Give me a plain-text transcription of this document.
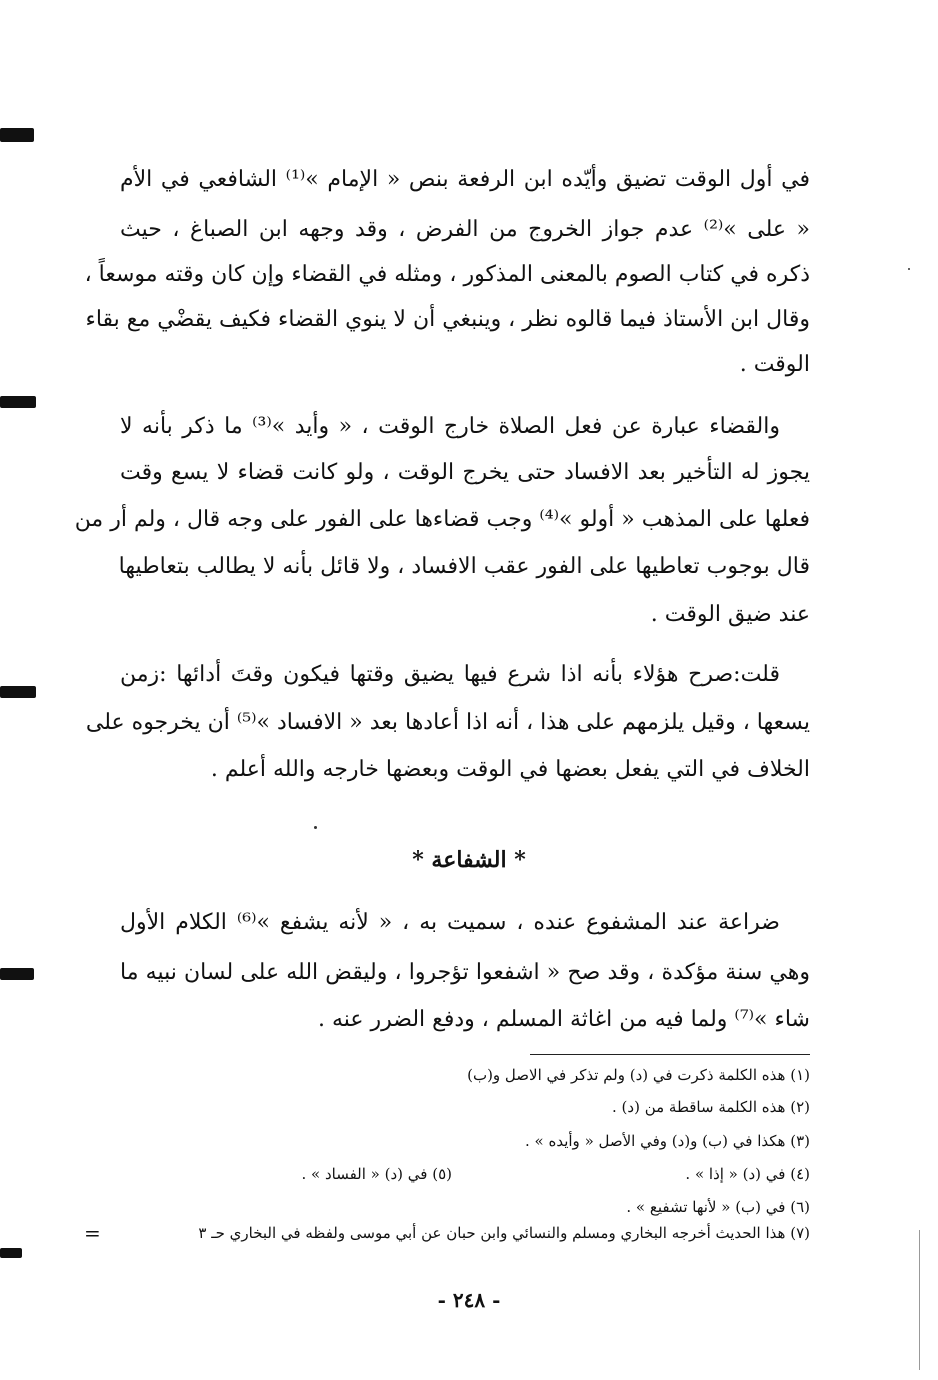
في أول الوقت تضيق وأيّده ابن الرفعة بنص « الإمام »⁽¹⁾ الشافعي في الأم
« على »⁽²⁾ عدم جواز الخروج من الفرض ، وقد وجهه ابن الصباغ ، حيث
ذكره في كتاب الصوم بالمعنى المذكور ، ومثله في القضاء وإن كان وقته موسعاً ،
وقال ابن الأستاذ فيما قالوه نظر ، وينبغي أن لا ينوي القضاء فكيف يقضْي مع بقاء
الوقت .
والقضاء عبارة عن فعل الصلاة خارج الوقت ، « وأيد »⁽³⁾ ما ذكر بأنه لا
يجوز له التأخير بعد الافساد حتى يخرج الوقت ، ولو كانت قضاء لا يسع وقت
فعلها على المذهب « أولو »⁽⁴⁾ وجب قضاءها على الفور على وجه قال ، ولم أر من
قال بوجوب تعاطيها على الفور عقب الافساد ، ولا قائل بأنه لا يطالب بتعاطيها
عند ضيق الوقت .
قلت:صرح هؤلاء بأنه اذا شرع فيها يضيق وقتها فيكون وقتَ أدائها :زمن
يسعها ، وقيل يلزمهم على هذا ، أنه اذا أعادها بعد « الافساد »⁽⁵⁾ أن يخرجوه على
الخلاف في التي يفعل بعضها في الوقت وبعضها خارجه والله أعلم .
* الشفاعة *
ضراعة عند المشفوع عنده ، سميت به ، « لأنه يشفع »⁽⁶⁾ الكلام الأول
وهي سنة مؤكدة ، وقد صح « اشفعوا تؤجروا ، وليقض الله على لسان نبيه ما
شاء »⁽⁷⁾ ولما فيه من اغاثة المسلم ، ودفع الضرر عنه .
(١) هذه الكلمة ذكرت في (د) ولم تذكر في الاصل و(ب)
(٢) هذه الكلمة ساقطة من (د) .
(٣) هكذا في (ب) و(د) وفي الأصل « وأيده » .
(٤) في (د) « إذا » .
(٥) في (د) « الفساد » .
(٦) في (ب) « لأنها تشفيع » .
(٧) هذا الحديث أخرجه البخاري ومسلم والنسائي وابن حبان عن أبي موسى ولفظه في البخاري حـ ٣
=
- ٢٤٨ -
